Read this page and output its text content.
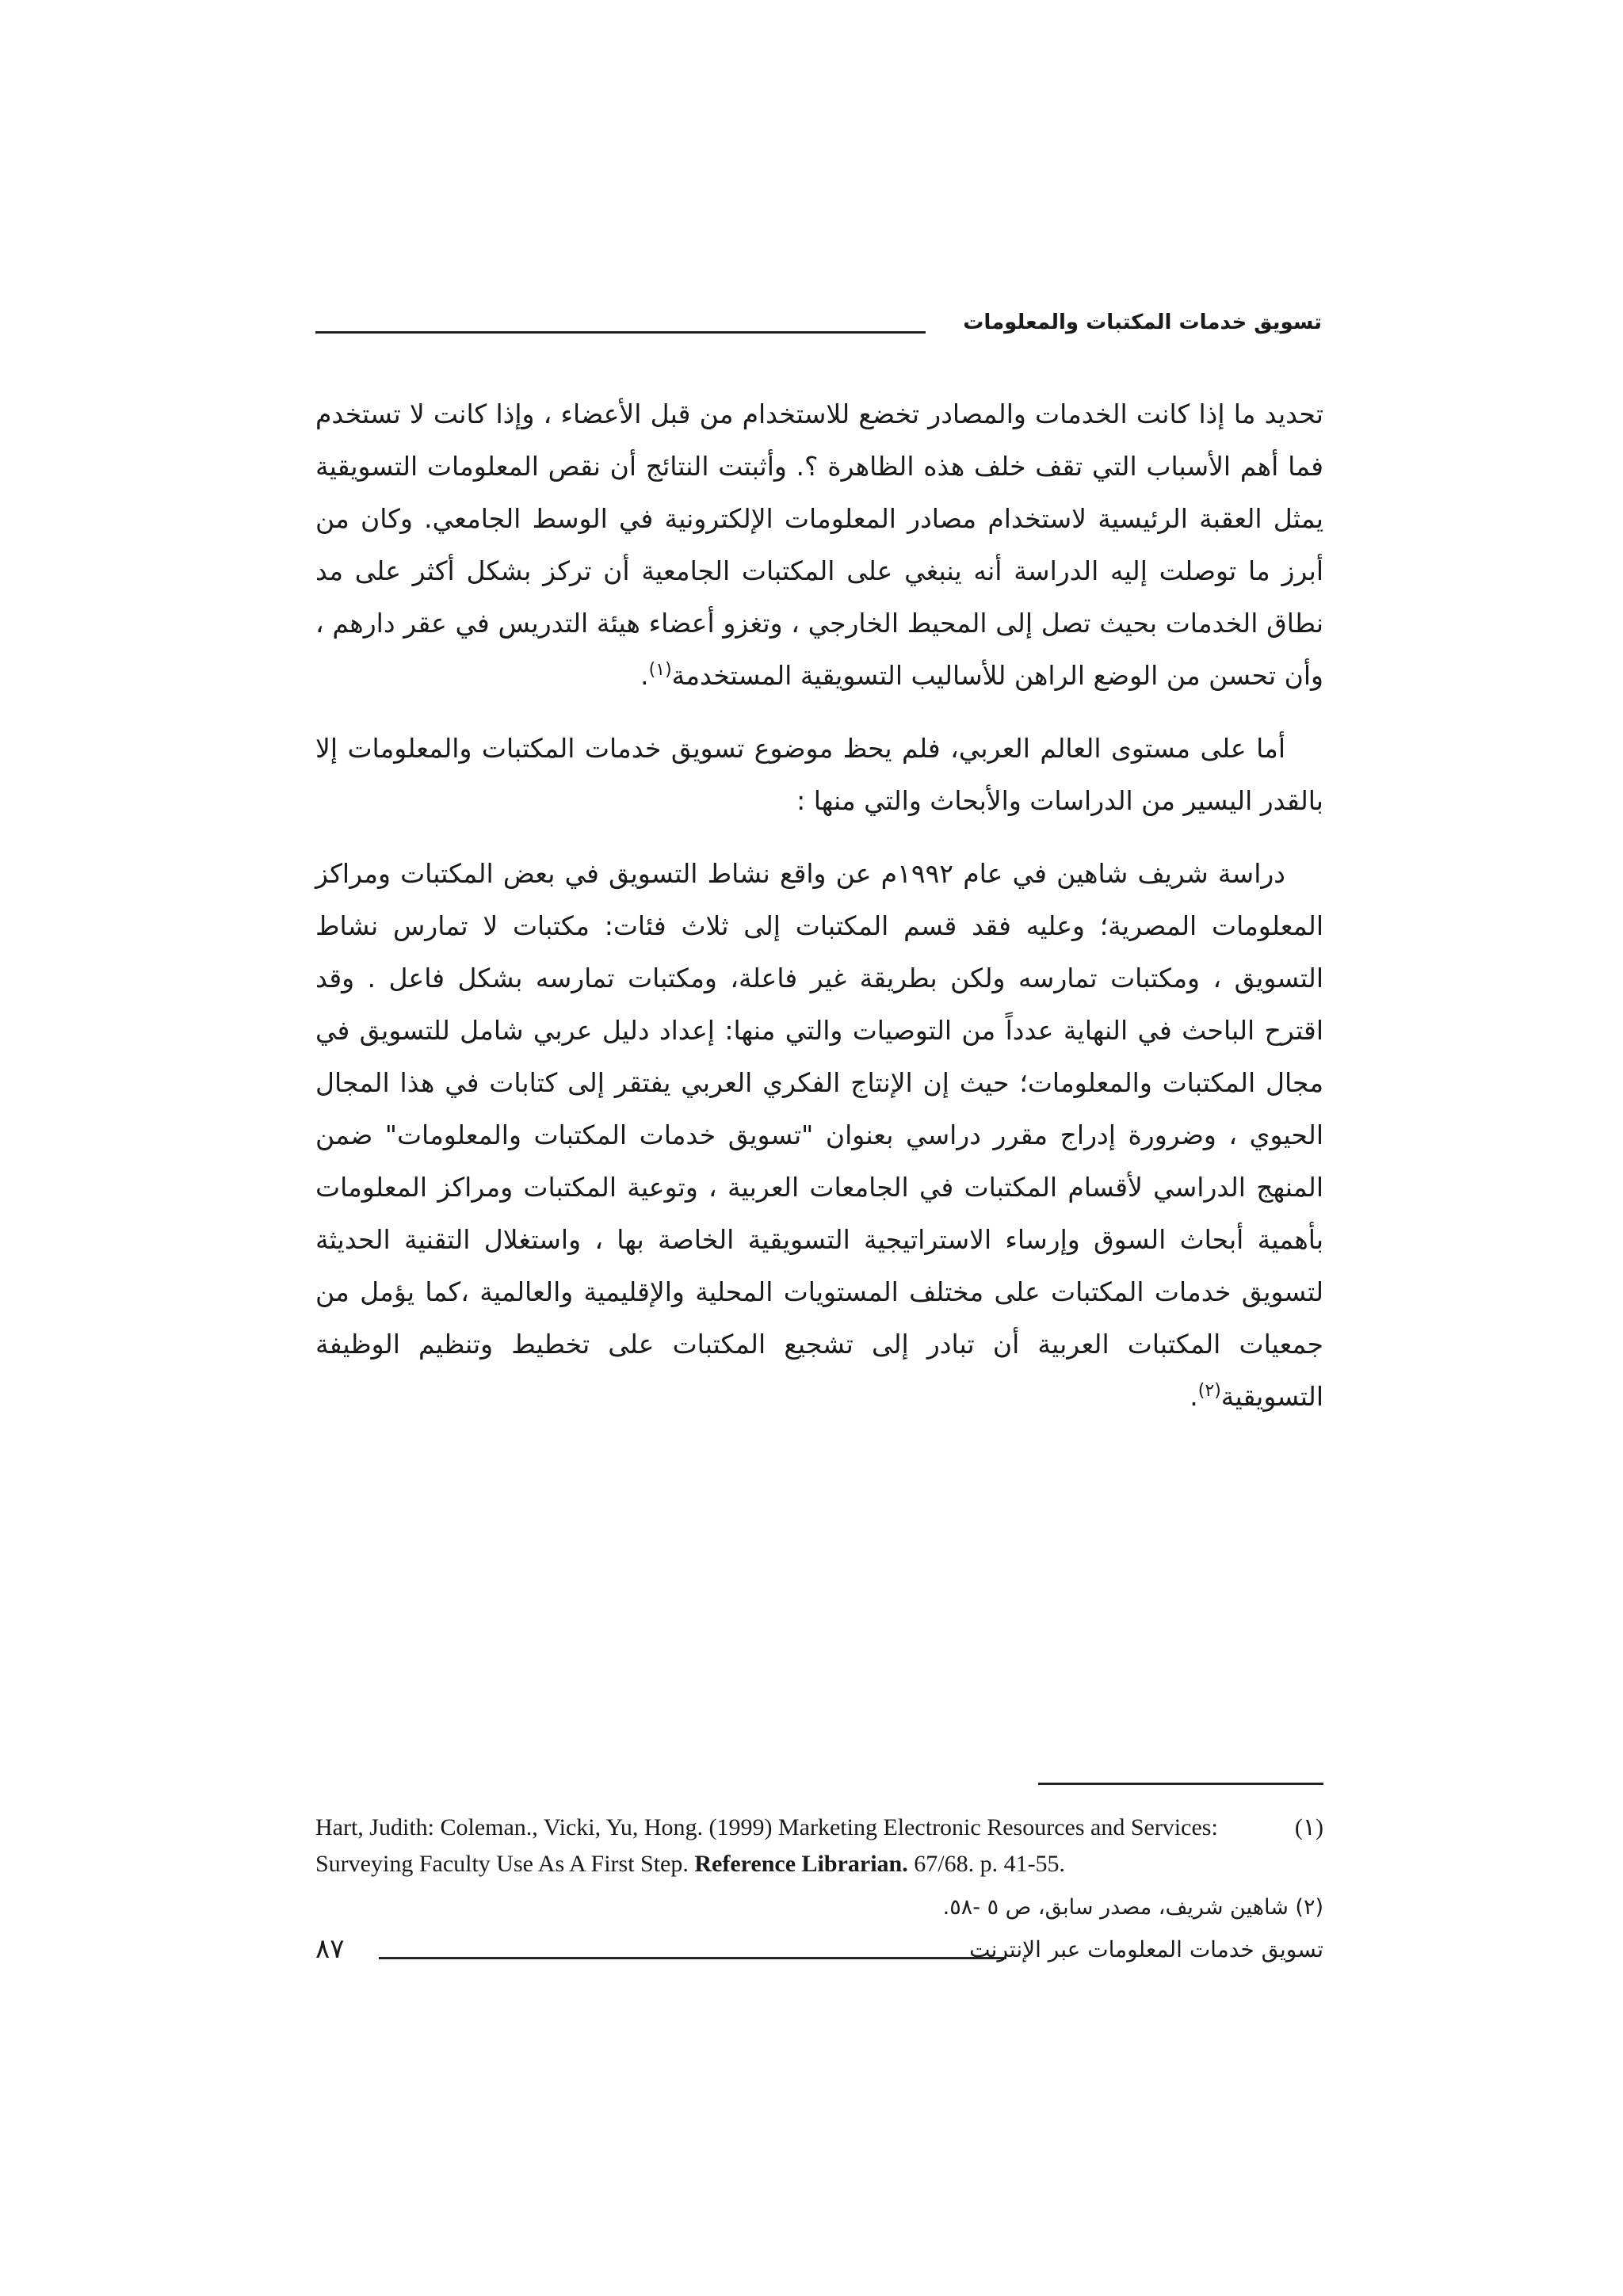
تسويق خدمات المكتبات والمعلومات

تحديد ما إذا كانت الخدمات والمصادر تخضع للاستخدام من قبل الأعضاء ، وإذا كانت لا تستخدم فما أهم الأسباب التي تقف خلف هذه الظاهرة ؟. وأثبتت النتائج أن نقص المعلومات التسويقية يمثل العقبة الرئيسية لاستخدام مصادر المعلومات الإلكترونية في الوسط الجامعي. وكان من أبرز ما توصلت إليه الدراسة أنه ينبغي على المكتبات الجامعية أن تركز بشكل أكثر على مد نطاق الخدمات بحيث تصل إلى المحيط الخارجي ، وتغزو أعضاء هيئة التدريس في عقر دارهم ، وأن تحسن من الوضع الراهن للأساليب التسويقية المستخدمة$^{(١)}$.

أما على مستوى العالم العربي، فلم يحظ موضوع تسويق خدمات المكتبات والمعلومات إلا بالقدر اليسير من الدراسات والأبحاث والتي منها :

دراسة شريف شاهين في عام ١٩٩٢م عن واقع نشاط التسويق في بعض المكتبات ومراكز المعلومات المصرية؛ وعليه فقد قسم المكتبات إلى ثلاث فئات: مكتبات لا تمارس نشاط التسويق ، ومكتبات تمارسه ولكن بطريقة غير فاعلة، ومكتبات تمارسه بشكل فاعل . وقد اقترح الباحث في النهاية عدداً من التوصيات والتي منها: إعداد دليل عربي شامل للتسويق في مجال المكتبات والمعلومات؛ حيث إن الإنتاج الفكري العربي يفتقر إلى كتابات في هذا المجال الحيوي ، وضرورة إدراج مقرر دراسي بعنوان "تسويق خدمات المكتبات والمعلومات" ضمن المنهج الدراسي لأقسام المكتبات في الجامعات العربية ، وتوعية المكتبات ومراكز المعلومات بأهمية أبحاث السوق وإرساء الاستراتيجية التسويقية الخاصة بها ، واستغلال التقنية الحديثة لتسويق خدمات المكتبات على مختلف المستويات المحلية والإقليمية والعالمية ،كما يؤمل من جمعيات المكتبات العربية أن تبادر إلى تشجيع المكتبات على تخطيط وتنظيم الوظيفة التسويقية$^{(٢)}$.

(١)
Hart, Judith: Coleman., Vicki, Yu, Hong. (1999) Marketing Electronic Resources and Services: Surveying Faculty Use As A First Step. Reference Librarian. 67/68. p. 41-55.
(٢) شاهين شريف، مصدر سابق، ص ٥ -٥٨.
٨٧	تسويق خدمات المعلومات عبر الإنترنت
